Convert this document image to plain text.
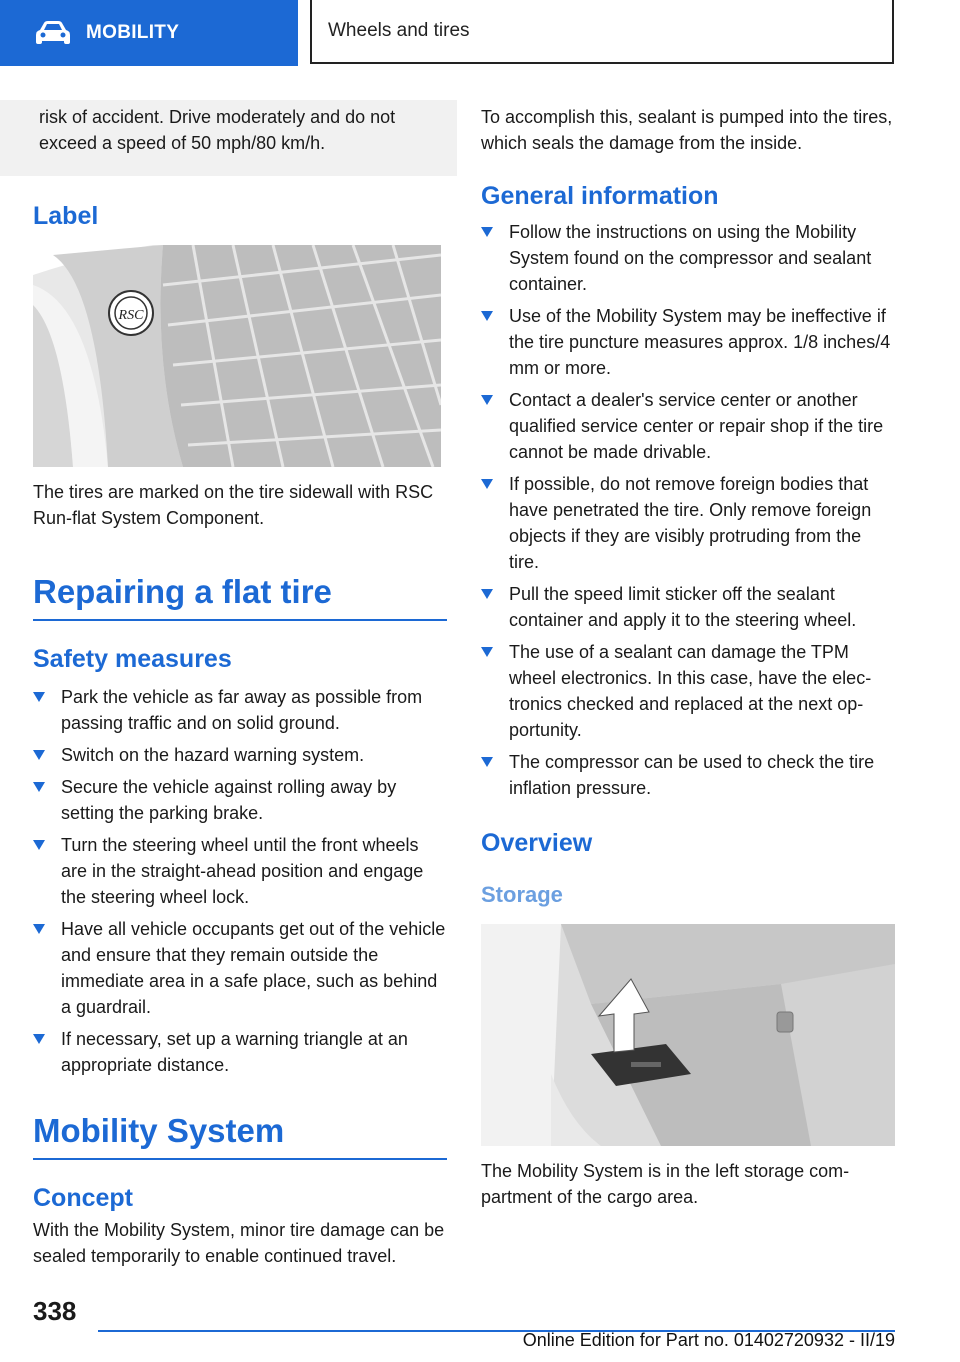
MOBILITY	Wheels and tires
risk of accident. Drive moderately and do not exceed a speed of 50 mph/80 km/h.
Label
RSC

The tires are marked on the tire sidewall with RSC Run-flat System Component.

Repairing a flat tire
Safety measures
Park the vehicle as far away as possible from passing traffic and on solid ground.
Switch on the hazard warning system.
Secure the vehicle against rolling away by setting the parking brake.
Turn the steering wheel until the front wheels are in the straight-ahead position and engage the steering wheel lock.
Have all vehicle occupants get out of the vehicle and ensure that they remain outside the immediate area in a safe place, such as behind a guardrail.
If necessary, set up a warning triangle at an appropriate distance.
Mobility System
Concept

With the Mobility System, minor tire damage can be sealed temporarily to enable continued travel.

To accomplish this, sealant is pumped into the tires, which seals the damage from the inside.

General information
Follow the instructions on using the Mobility System found on the compressor and sealant container.
Use of the Mobility System may be ineffective if the tire puncture measures approx. 1/8 inches/4 mm or more.
Contact a dealer's service center or another qualified service center or repair shop if the tire cannot be made drivable.
If possible, do not remove foreign bodies that have penetrated the tire. Only remove foreign objects if they are visibly protruding from the tire.
Pull the speed limit sticker off the sealant container and apply it to the steering wheel.
The use of a sealant can damage the TPM wheel electronics. In this case, have the electronics checked and replaced at the next opportunity.
The compressor can be used to check the tire inflation pressure.
Overview
Storage

The Mobility System is in the left storage compartment of the cargo area.

338
Online Edition for Part no. 01402720932 - II/19
